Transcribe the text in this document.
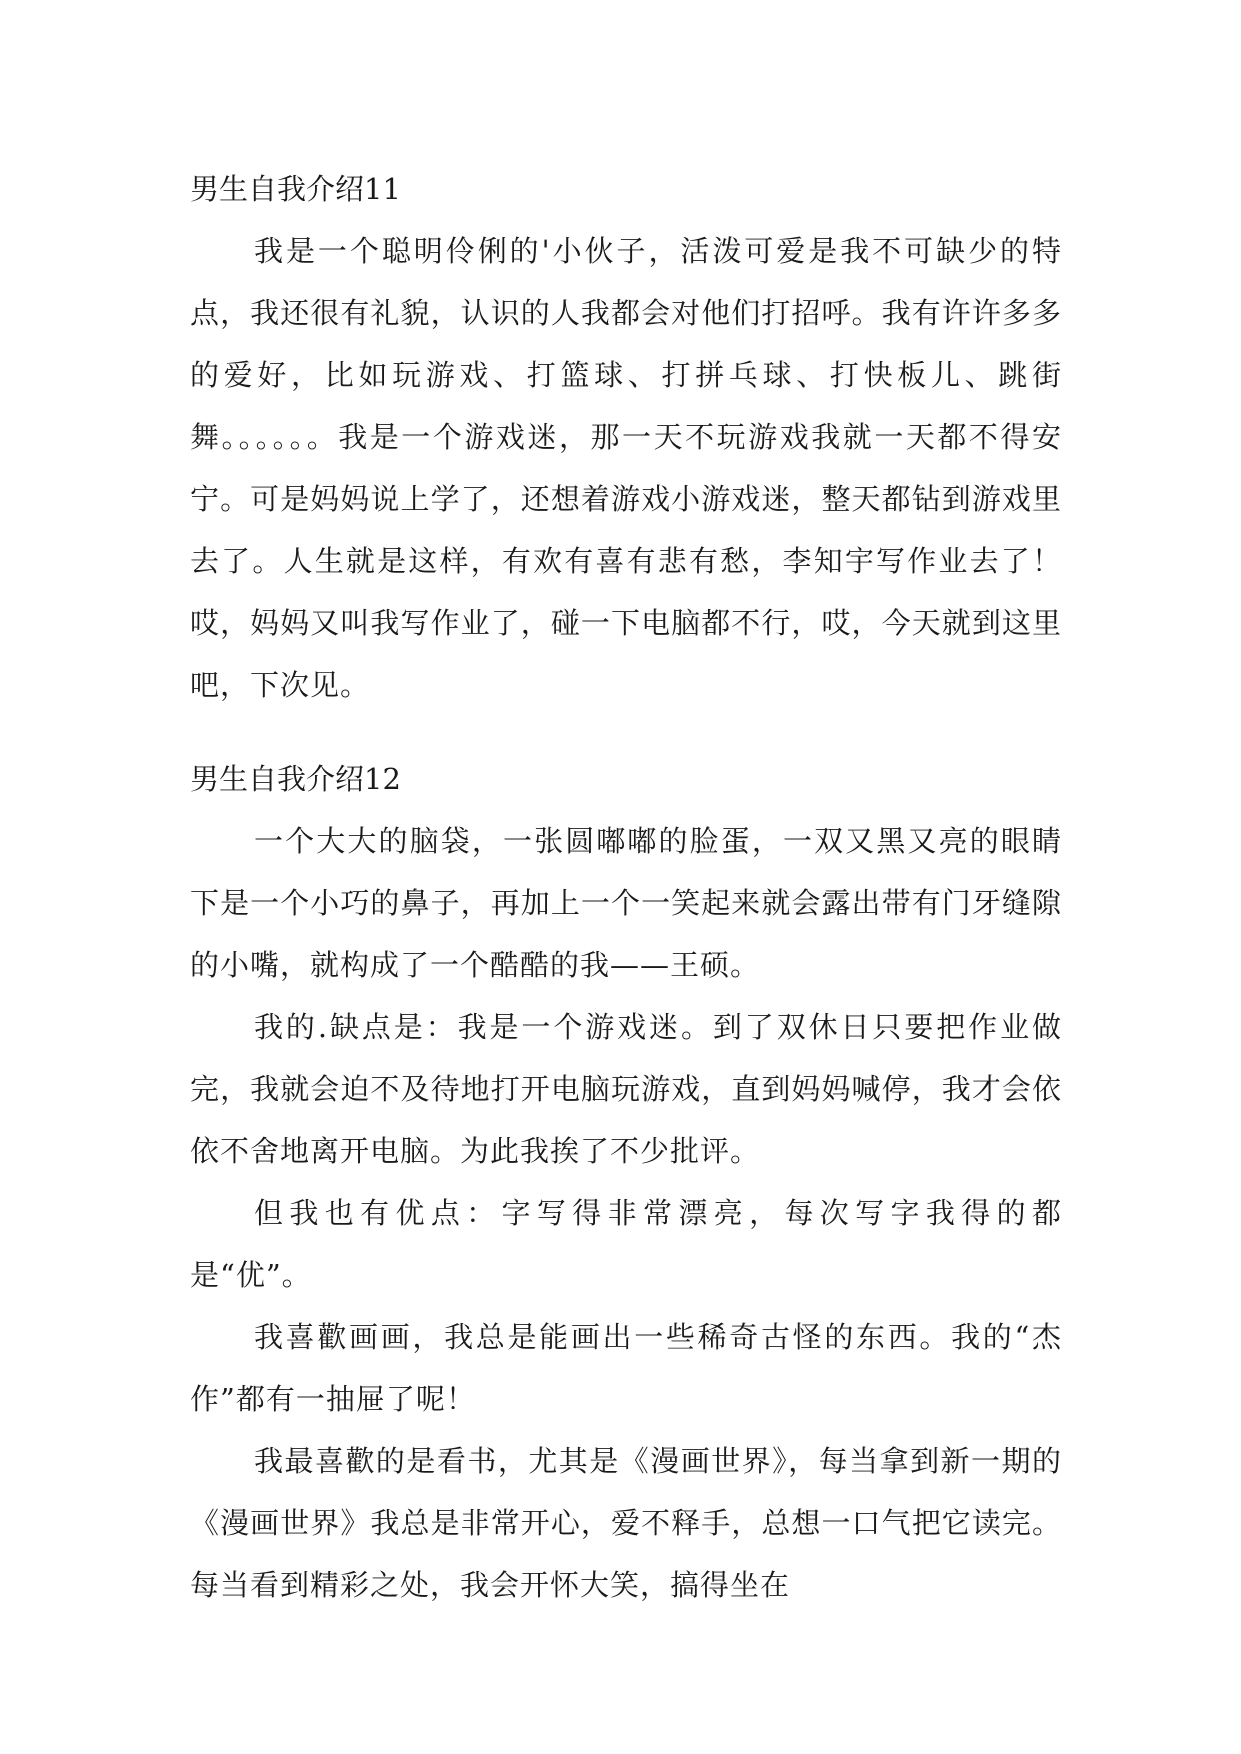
男生自我介绍11

我是一个聪明伶俐的'小伙子，活泼可爱是我不可缺少的特点，我还很有礼貌，认识的人我都会对他们打招呼。我有许许多多的爱好，比如玩游戏、打篮球、打拼乓球、打快板儿、跳街舞。。。。。。我是一个游戏迷，那一天不玩游戏我就一天都不得安宁。可是妈妈说上学了，还想着游戏小游戏迷，整天都钻到游戏里去了。人生就是这样，有欢有喜有悲有愁，李知宇写作业去了！哎，妈妈又叫我写作业了，碰一下电脑都不行，哎，今天就到这里吧，下次见。

男生自我介绍12

一个大大的脑袋，一张圆嘟嘟的脸蛋，一双又黑又亮的眼睛下是一个小巧的鼻子，再加上一个一笑起来就会露出带有门牙缝隙的小嘴，就构成了一个酷酷的我——王硕。

我的.缺点是：我是一个游戏迷。到了双休日只要把作业做完，我就会迫不及待地打开电脑玩游戏，直到妈妈喊停，我才会依依不舍地离开电脑。为此我挨了不少批评。

但我也有优点：字写得非常漂亮，每次写字我得的都是“优”。

我喜歡画画，我总是能画出一些稀奇古怪的东西。我的“杰作”都有一抽屉了呢！

我最喜歡的是看书，尤其是《漫画世界》，每当拿到新一期的《漫画世界》我总是非常开心，爱不释手，总想一口气把它读完。每当看到精彩之处，我会开怀大笑，搞得坐在
